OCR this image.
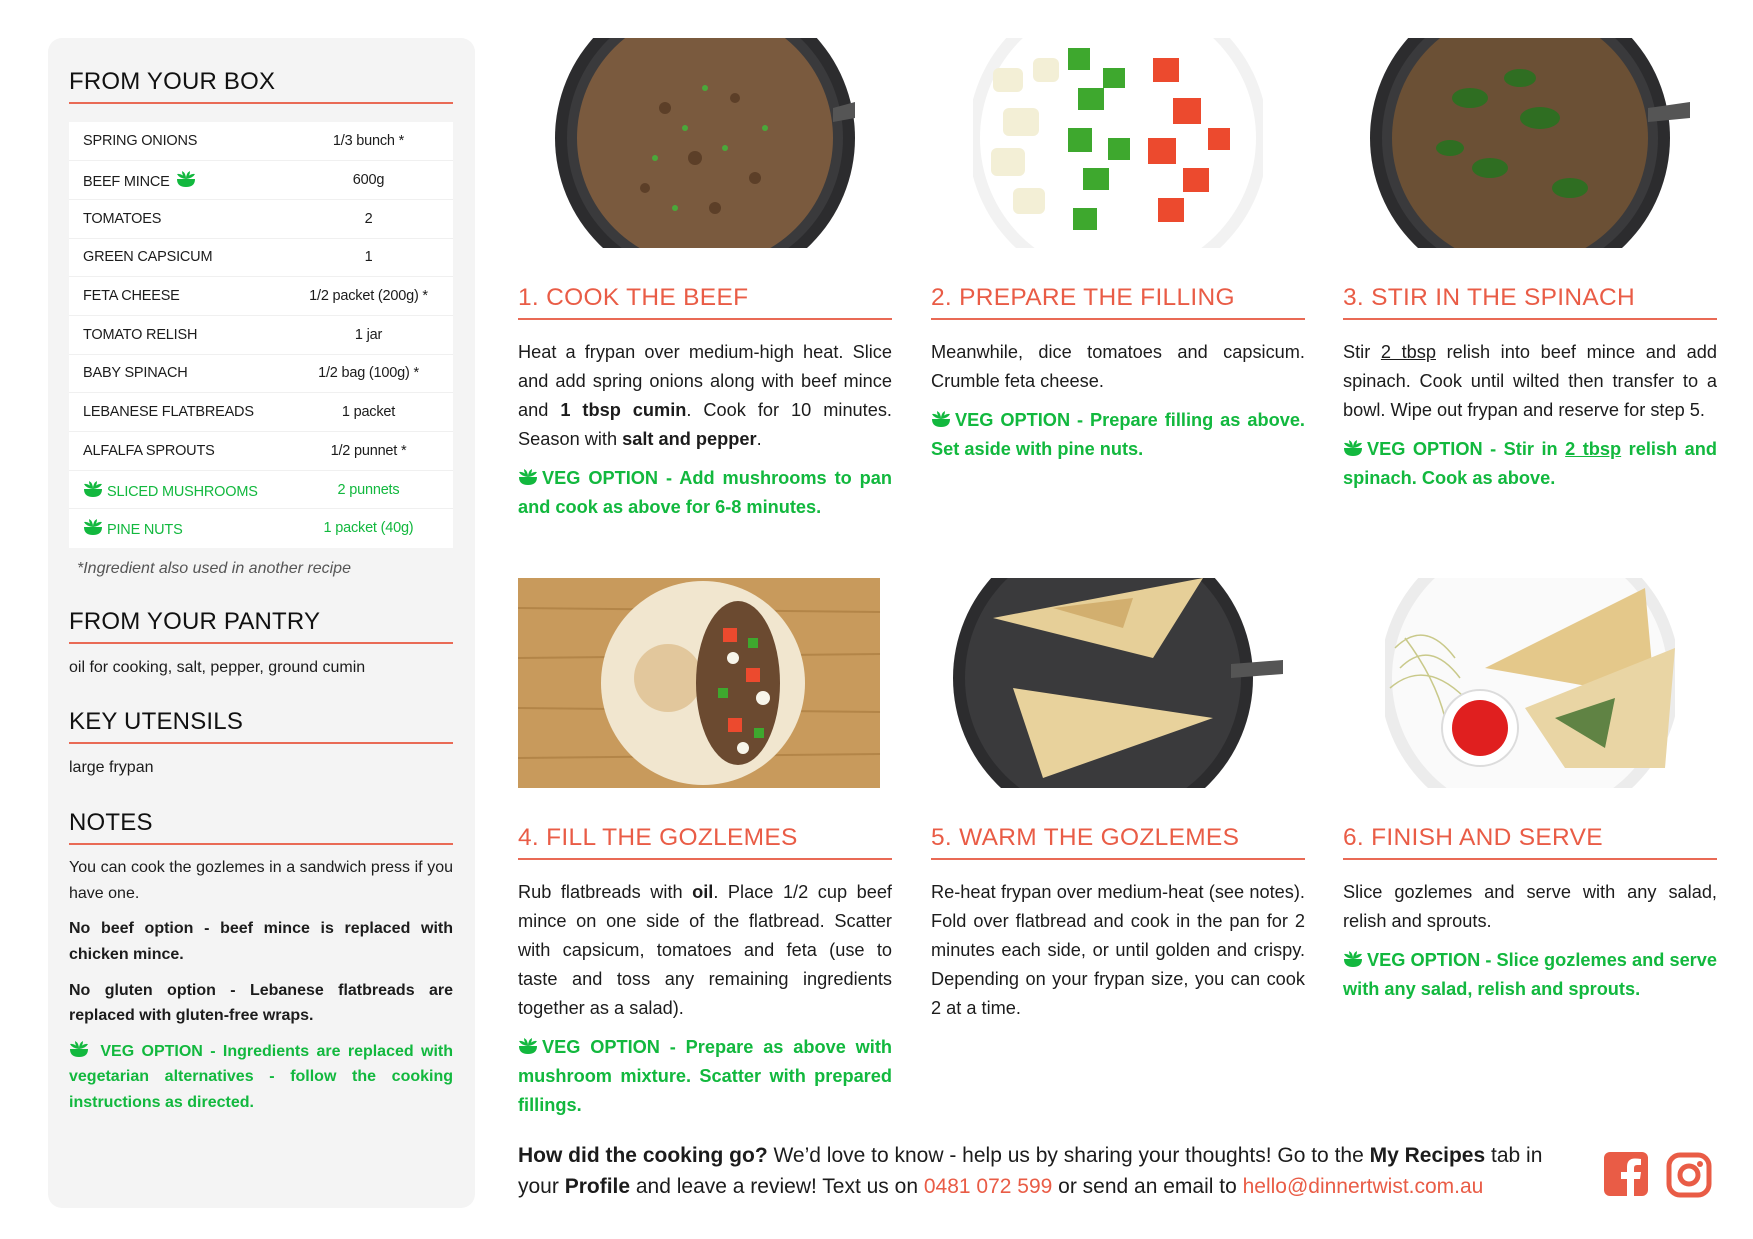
FROM YOUR BOX
SPRING ONIONS	1/3 bunch *
BEEF MINCE	600g
TOMATOES	2
GREEN CAPSICUM	1
FETA CHEESE	1/2 packet (200g) *
TOMATO RELISH	1 jar
BABY SPINACH	1/2 bag (100g) *
LEBANESE FLATBREADS	1 packet
ALFALFA SPROUTS	1/2 punnet *

SLICED MUSHROOMS	2 punnets

PINE NUTS	1 packet (40g)
*Ingredient also used in another recipe
FROM YOUR PANTRY

oil for cooking, salt, pepper, ground cumin

KEY UTENSILS

large frypan

NOTES

You can cook the gozlemes in a sandwich press if you have one.

No beef option - beef mince is replaced with chicken mince.

No gluten option - Lebanese flatbreads are replaced with gluten-free wraps.

VEG OPTION - Ingredients are replaced with vegetarian alternatives - follow the cooking instructions as directed.

1. COOK THE BEEF

Heat a frypan over medium-high heat. Slice and add spring onions along with beef mince and 1 tbsp cumin. Cook for 10 minutes. Season with salt and pepper.

VEG OPTION - Add mushrooms to pan and cook as above for 6-8 minutes.

2. PREPARE THE FILLING

Meanwhile, dice tomatoes and capsicum. Crumble feta cheese.

VEG OPTION - Prepare filling as above. Set aside with pine nuts.

3. STIR IN THE SPINACH

Stir 2 tbsp relish into beef mince and add spinach. Cook until wilted then transfer to a bowl. Wipe out frypan and reserve for step 5.

VEG OPTION - Stir in 2 tbsp relish and spinach. Cook as above.

4. FILL THE GOZLEMES

Rub flatbreads with oil. Place 1/2 cup beef mince on one side of the flatbread. Scatter with capsicum, tomatoes and feta (use to taste and toss any remaining ingredients together as a salad).

VEG OPTION - Prepare as above with mushroom mixture. Scatter with prepared fillings.

5. WARM THE GOZLEMES

Re-heat frypan over medium-heat (see notes). Fold over flatbread and cook in the pan for 2 minutes each side, or until golden and crispy. Depending on your frypan size, you can cook 2 at a time.

6. FINISH AND SERVE

Slice gozlemes and serve with any salad, relish and sprouts.

VEG OPTION - Slice gozlemes and serve with any salad, relish and sprouts.

How did the cooking go? We’d love to know - help us by sharing your thoughts! Go to the My Recipes tab in your Profile and leave a review! Text us on 0481 072 599 or send an email to hello@dinnertwist.com.au
